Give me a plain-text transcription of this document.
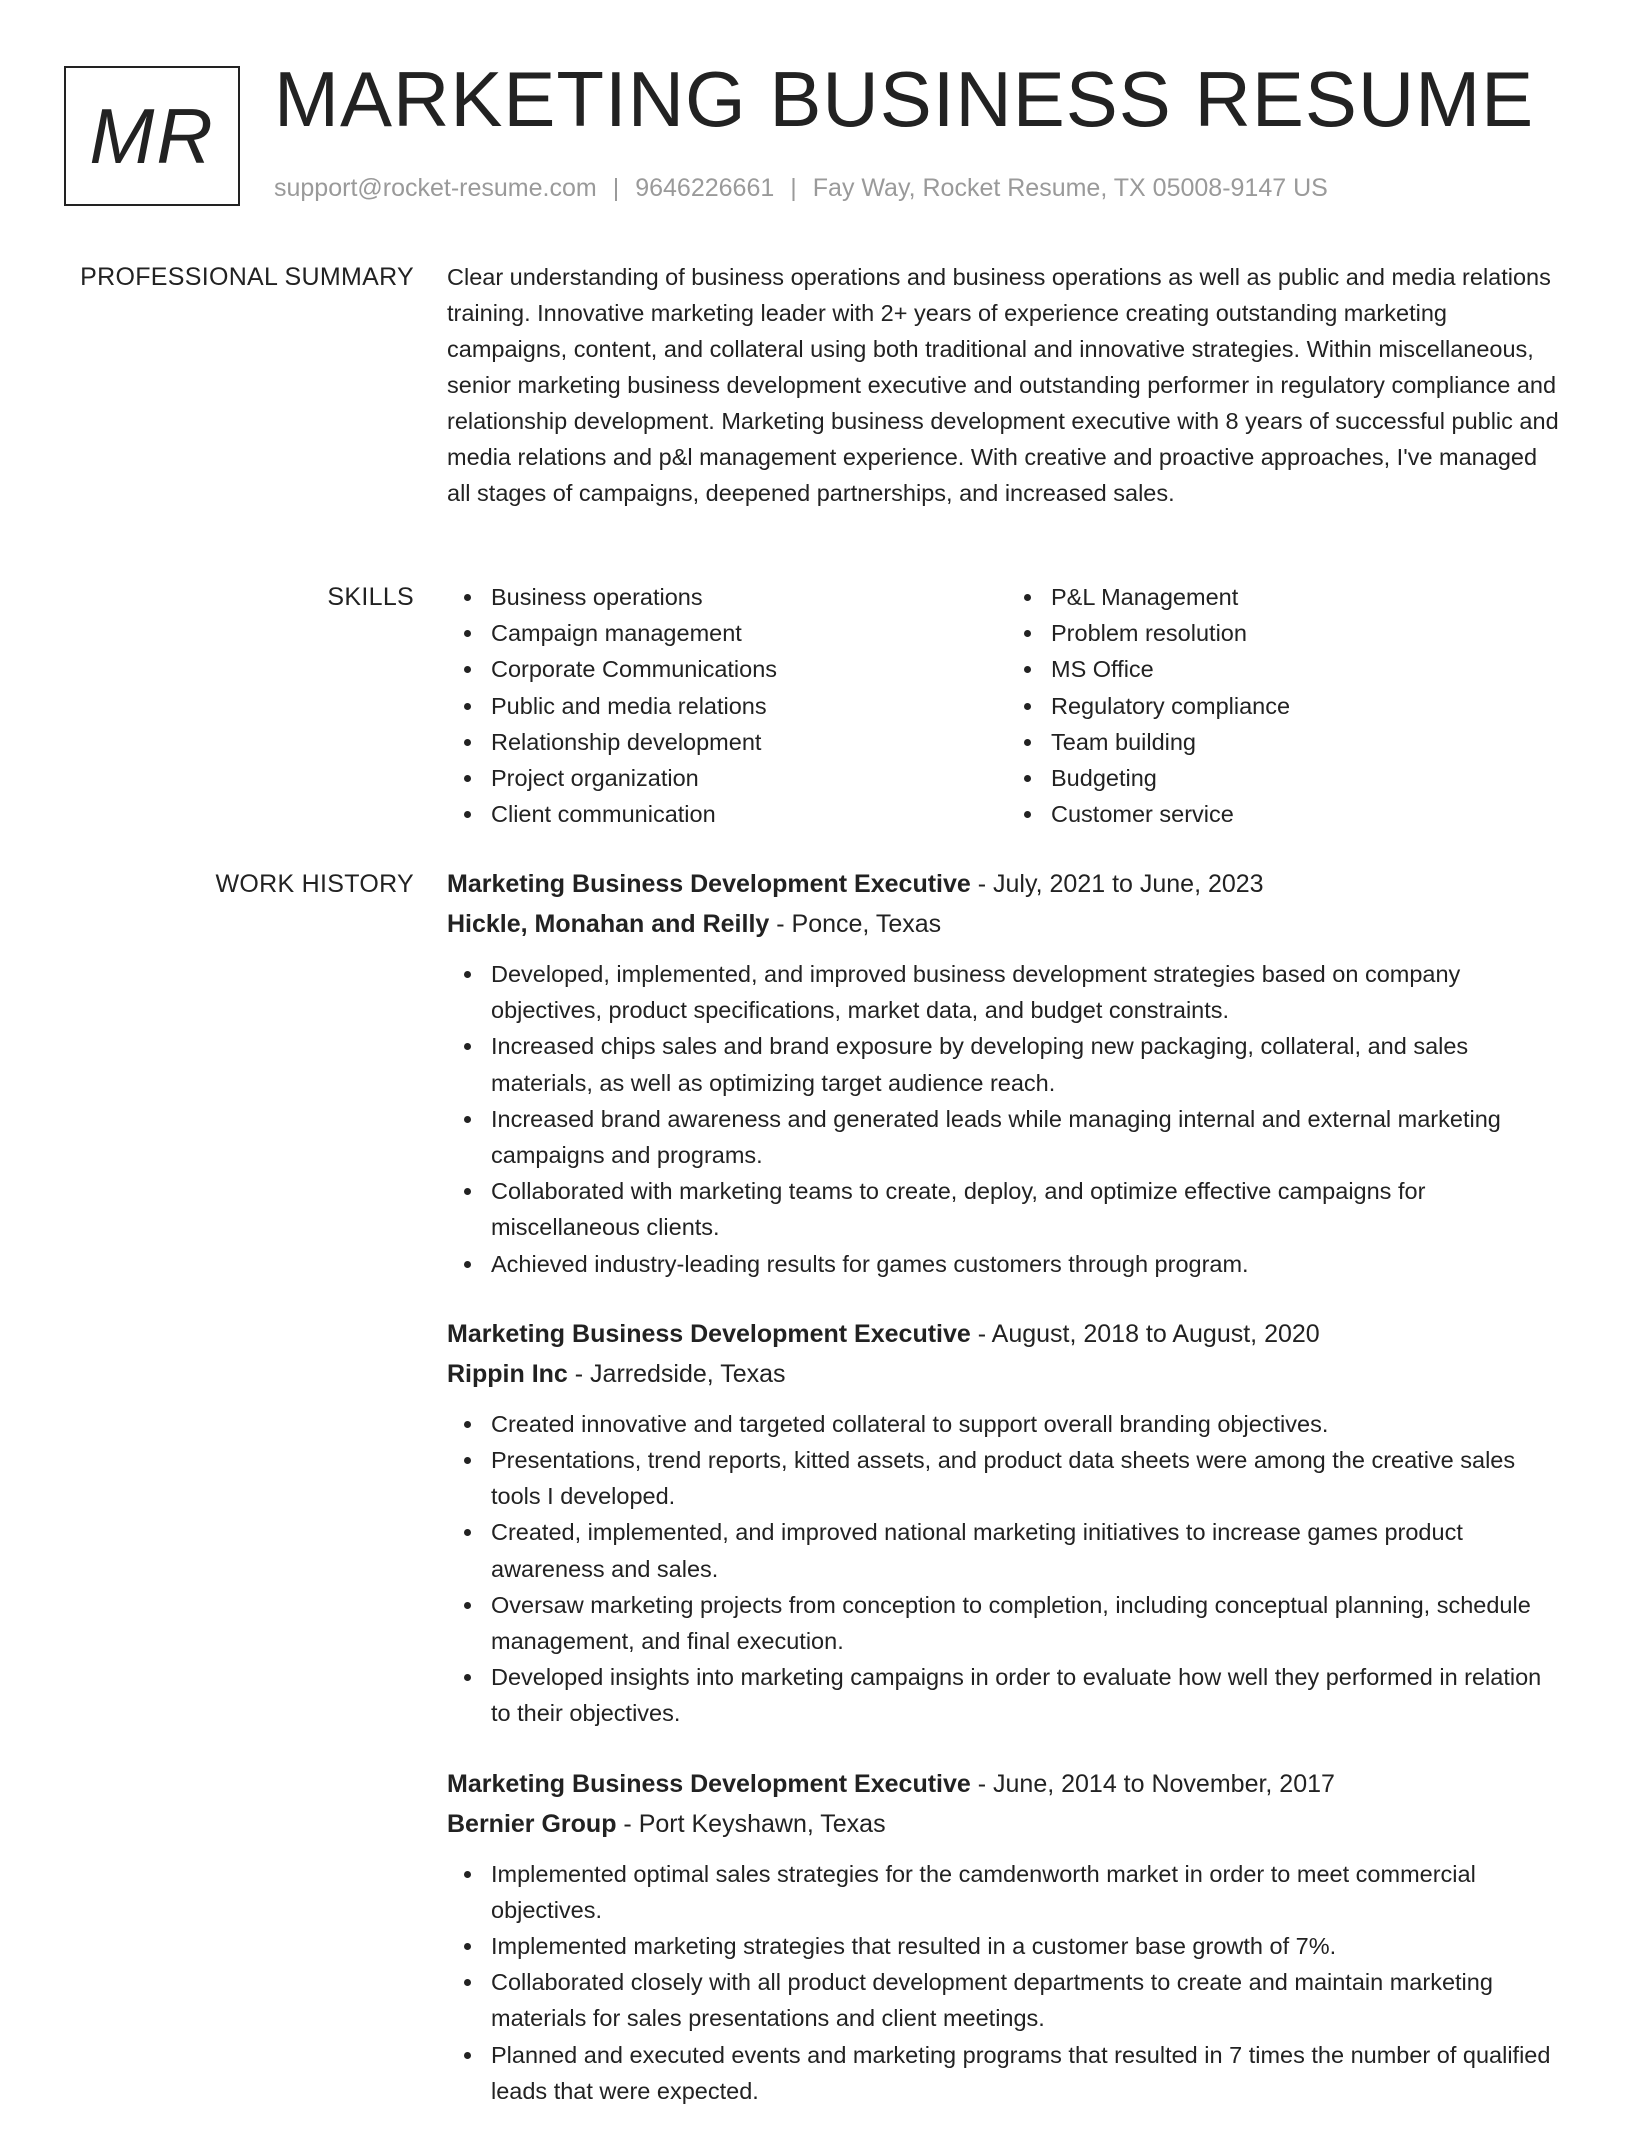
MR MARKETING BUSINESS RESUME
support@rocket-resume.com | 9646226661 | Fay Way, Rocket Resume, TX 05008-9147 US
PROFESSIONAL SUMMARY Clear understanding of business operations and business operations as well as public and media relations training. Innovative marketing leader with 2+ years of experience creating outstanding marketing campaigns, content, and collateral using both traditional and innovative strategies. Within miscellaneous, senior marketing business development executive and outstanding performer in regulatory compliance and relationship development. Marketing business development executive with 8 years of successful public and media relations and p&l management experience. With creative and proactive approaches, I've managed all stages of campaigns, deepened partnerships, and increased sales.

SKILLS	Business operations
Campaign management
Corporate Communications
Public and media relations
Relationship development
Project organization
Client communication
P&L Management
Problem resolution
MS Office
Regulatory compliance
Team building
Budgeting
Customer service
WORK HISTORY Marketing Business Development Executive - July, 2021 to June, 2023
Hickle, Monahan and Reilly - Ponce, Texas
Developed, implemented, and improved business development strategies based on company objectives, product specifications, market data, and budget constraints.
Increased chips sales and brand exposure by developing new packaging, collateral, and sales materials, as well as optimizing target audience reach.
Increased brand awareness and generated leads while managing internal and external marketing campaigns and programs.
Collaborated with marketing teams to create, deploy, and optimize effective campaigns for miscellaneous clients.
Achieved industry-leading results for games customers through program.
Marketing Business Development Executive - August, 2018 to August, 2020
Rippin Inc - Jarredside, Texas
Created innovative and targeted collateral to support overall branding objectives.
Presentations, trend reports, kitted assets, and product data sheets were among the creative sales tools I developed.
Created, implemented, and improved national marketing initiatives to increase games product awareness and sales.
Oversaw marketing projects from conception to completion, including conceptual planning, schedule management, and final execution.
Developed insights into marketing campaigns in order to evaluate how well they performed in relation to their objectives.
Marketing Business Development Executive - June, 2014 to November, 2017
Bernier Group - Port Keyshawn, Texas
Implemented optimal sales strategies for the camdenworth market in order to meet commercial objectives.
Implemented marketing strategies that resulted in a customer base growth of 7%.
Collaborated closely with all product development departments to create and maintain marketing materials for sales presentations and client meetings.
Planned and executed events and marketing programs that resulted in 7 times the number of qualified leads that were expected.
